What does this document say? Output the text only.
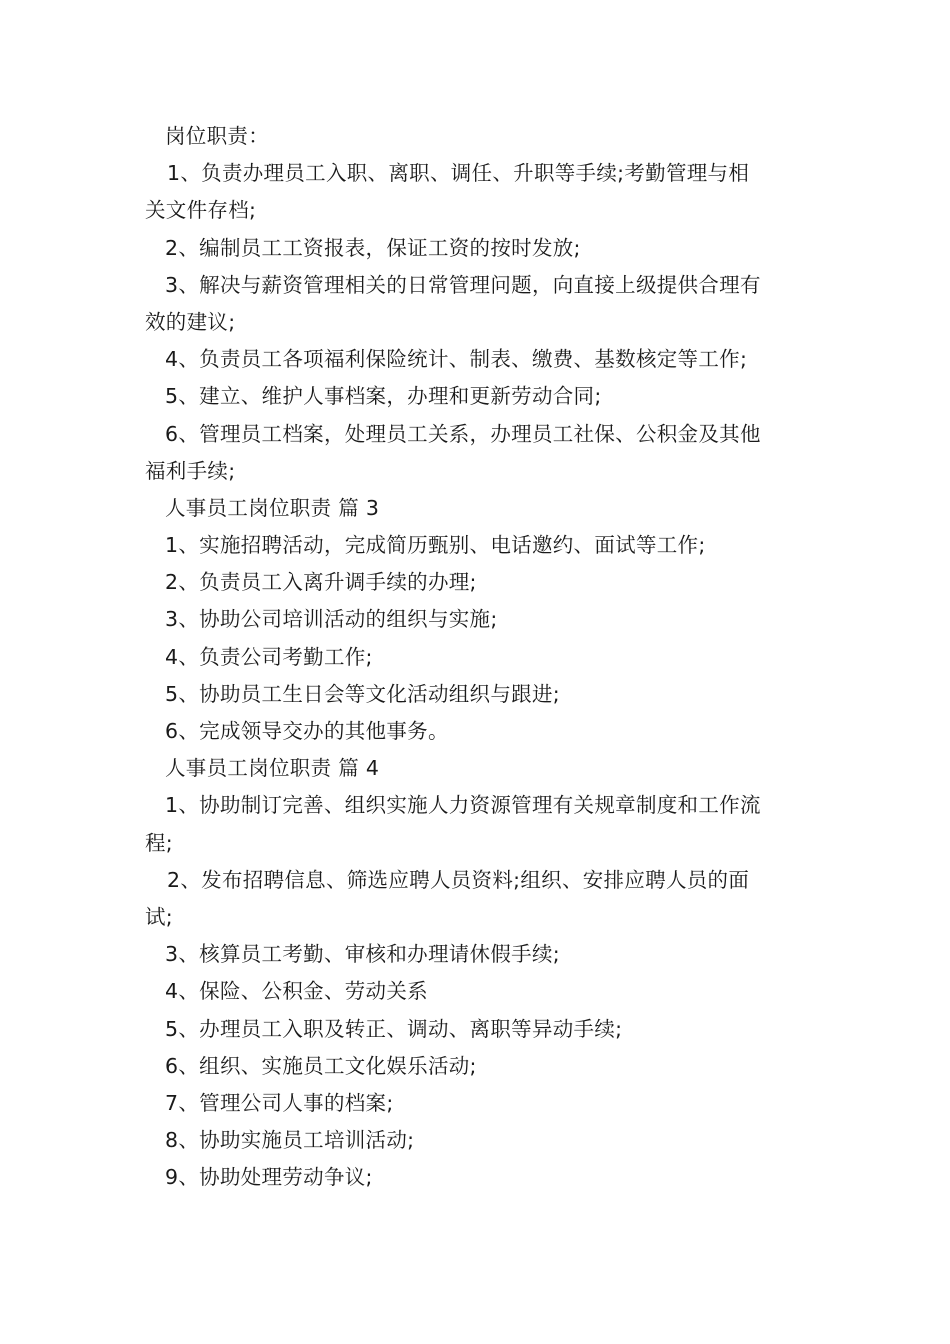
岗位职责：
1、负责办理员工入职、离职、调任、升职等手续;考勤管理与相
关文件存档;
2、编制员工工资报表，保证工资的按时发放;
3、解决与薪资管理相关的日常管理问题，向直接上级提供合理有
效的建议;
4、负责员工各项福利保险统计、制表、缴费、基数核定等工作;
5、建立、维护人事档案，办理和更新劳动合同;
6、管理员工档案，处理员工关系，办理员工社保、公积金及其他
福利手续;
人事员工岗位职责 篇 3
1、实施招聘活动，完成简历甄别、电话邀约、面试等工作;
2、负责员工入离升调手续的办理;
3、协助公司培训活动的组织与实施;
4、负责公司考勤工作;
5、协助员工生日会等文化活动组织与跟进;
6、完成领导交办的其他事务。
人事员工岗位职责 篇 4
1、协助制订完善、组织实施人力资源管理有关规章制度和工作流
程;
2、发布招聘信息、筛选应聘人员资料;组织、安排应聘人员的面
试;
3、核算员工考勤、审核和办理请休假手续;
4、保险、公积金、劳动关系
5、办理员工入职及转正、调动、离职等异动手续;
6、组织、实施员工文化娱乐活动;
7、管理公司人事的档案;
8、协助实施员工培训活动;
9、协助处理劳动争议;
